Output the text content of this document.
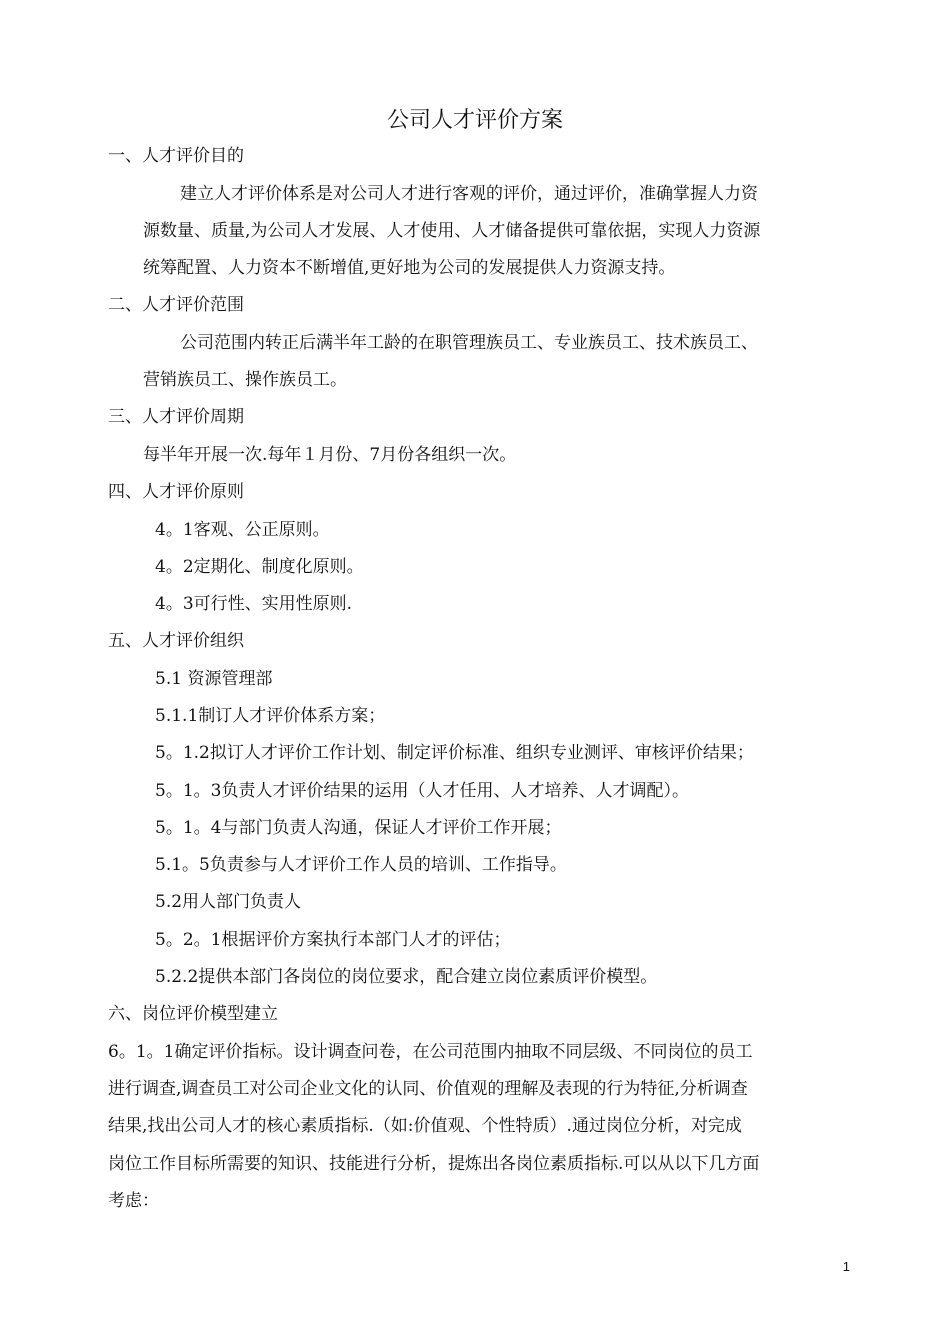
公司人才评价方案
一、人才评价目的
建立人才评价体系是对公司人才进行客观的评价，通过评价，准确掌握人力资
源数量、质量,为公司人才发展、人才使用、人才储备提供可靠依据，实现人力资源
统筹配置、人力资本不断增值,更好地为公司的发展提供人力资源支持。
二、人才评价范围
公司范围内转正后满半年工龄的在职管理族员工、专业族员工、技术族员工、
营销族员工、操作族员工。
三、人才评价周期
每半年开展一次.每年１月份、7月份各组织一次。
四、人才评价原则
4。1客观、公正原则。
4。2定期化、制度化原则。
4。3可行性、实用性原则.
五、人才评价组织
5.1 资源管理部
5.1.1制订人才评价体系方案；
5。1.2拟订人才评价工作计划、制定评价标准、组织专业测评、审核评价结果；
5。1。3负责人才评价结果的运用（人才任用、人才培养、人才调配）。
5。1。4与部门负责人沟通，保证人才评价工作开展；
5.1。5负责参与人才评价工作人员的培训、工作指导。
5.2用人部门负责人
5。2。1根据评价方案执行本部门人才的评估；
5.2.2提供本部门各岗位的岗位要求，配合建立岗位素质评价模型。
六、岗位评价模型建立
6。1。1确定评价指标。设计调查问卷，在公司范围内抽取不同层级、不同岗位的员工
进行调查,调查员工对公司企业文化的认同、价值观的理解及表现的行为特征,分析调查
结果,找出公司人才的核心素质指标.（如:价值观、个性特质）.通过岗位分析，对完成
岗位工作目标所需要的知识、技能进行分析，提炼出各岗位素质指标.可以从以下几方面
考虑：
1
